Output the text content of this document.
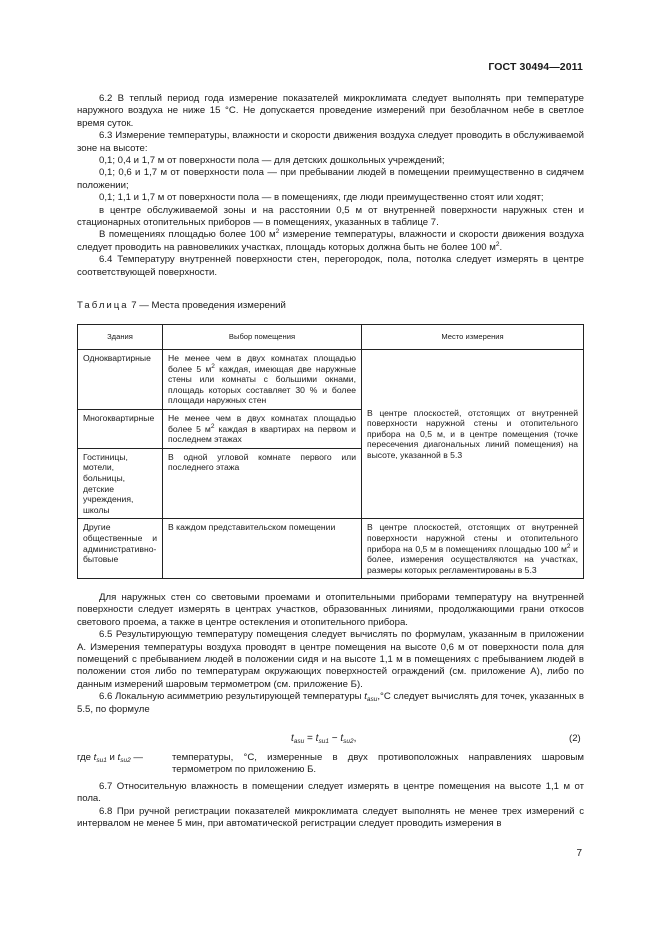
ГОСТ 30494—2011

6.2 В теплый период года измерение показателей микроклимата следует выполнять при температуре наружного воздуха не ниже 15 °С. Не допускается проведение измерений при безоблачном небе в светлое время суток.

6.3 Измерение температуры, влажности и скорости движения воздуха следует проводить в обслуживаемой зоне на высоте:

0,1; 0,4 и 1,7 м от поверхности пола — для детских дошкольных учреждений;

0,1; 0,6 и 1,7 м от поверхности пола — при пребывании людей в помещении преимущественно в сидячем положении;

0,1; 1,1 и 1,7 м от поверхности пола — в помещениях, где люди преимущественно стоят или ходят;

в центре обслуживаемой зоны и на расстоянии 0,5 м от внутренней поверхности наружных стен и стационарных отопительных приборов — в помещениях, указанных в таблице 7.

В помещениях площадью более 100 $м^2$ измерение температуры, влажности и скорости движения воздуха следует проводить на равновеликих участках, площадь которых должна быть не более 100 $м^2$.

6.4 Температуру внутренней поверхности стен, перегородок, пола, потолка следует измерять в центре соответствующей поверхности.

Таблица 7 — Места проведения измерений
Здания	Выбор помещения	Место измерения
Одноквартирные	Не менее чем в двух комнатах площадью более 5 $м^2$ каждая, имеющая две наружные стены или комнаты с большими окнами, площадь которых составляет 30 % и более площади наружных стен	В центре плоскостей, отстоящих от внутренней поверхности наружной стены и отопительного прибора на 0,5 м, и в центре помещения (точке пересечения диагональных линий помещения) на высоте, указанной в 5.3
Многоквартирные	Не менее чем в двух комнатах площадью более 5 $м^2$ каждая в квартирах на первом и последнем этажах	
Гостиницы, мотели, больницы, детские учреждения, школы	В одной угловой комнате первого или последнего этажа	
Другие общественные и административно-бытовые	В каждом представительском помещении	В центре плоскостей, отстоящих от внутренней поверхности наружной стены и отопительного прибора на 0,5 м в помещениях площадью 100 $м^2$ и более, измерения осуществляются на участках, размеры которых регламентированы в 5.3

Для наружных стен со световыми проемами и отопительными приборами температуру на внутренней поверхности следует измерять в центрах участков, образованных линиями, продолжающими грани откосов светового проема, а также в центре остекления и отопительного прибора.

6.5 Результирующую температуру помещения следует вычислять по формулам, указанным в приложении А. Измерения температуры воздуха проводят в центре помещения на высоте 0,6 м от поверхности пола для помещений с пребыванием людей в положении сидя и на высоте 1,1 м в помещениях с пребыванием людей в положении стоя либо по температурам окружающих поверхностей ограждений (см. приложение А), либо по данным измерений шаровым термометром (см. приложение Б).

6.6 Локальную асимметрию результирующей температуры $t_{asu},^\circ С$ следует вычислять для точек, указанных в 5.5, по формуле

$t_{asu} = t_{su1} - t_{su2}$,	(2)
где $t_{su1}$ и $t_{su2}$ —	температуры, °С, измеренные в двух противоположных направлениях шаровым термометром по приложению Б.

6.7 Относительную влажность в помещении следует измерять в центре помещения на высоте 1,1 м от пола.

6.8 При ручной регистрации показателей микроклимата следует выполнять не менее трех измерений с интервалом не менее 5 мин, при автоматической регистрации следует проводить измерения в

7
